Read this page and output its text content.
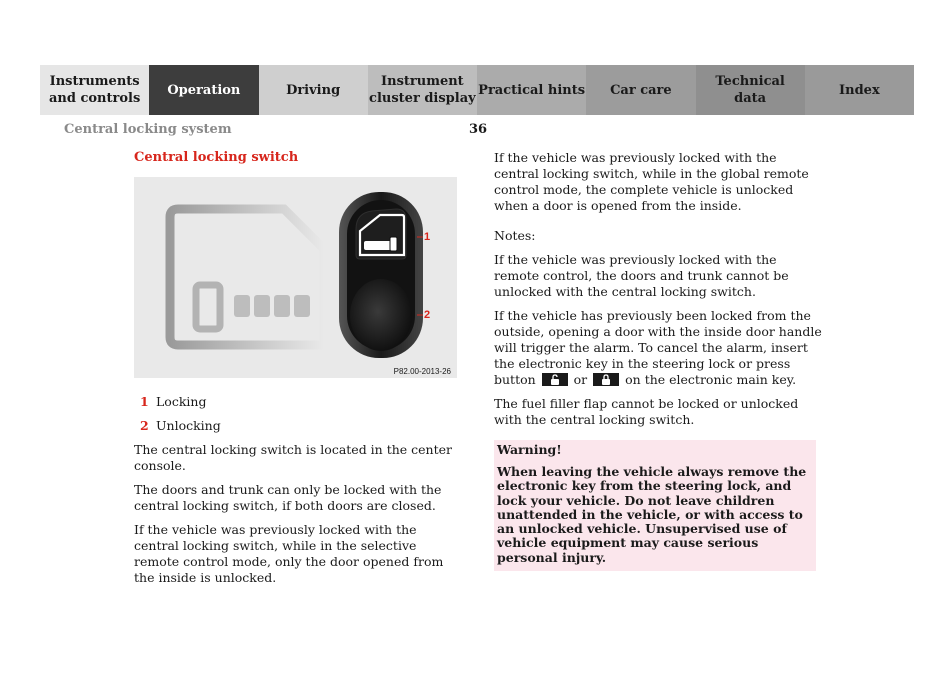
Instruments
and controls
Operation	Driving
Instrument
cluster display
Practical hints	Car care
Technical
data
Index
Central locking system	36
Central locking switch
1
2
P82.00-2013-26
1 Locking
2 Unlocking

The central locking switch is located in the center console.

The doors and trunk can only be locked with the central locking switch, if both doors are closed.

If the vehicle was previously locked with the central locking switch, while in the selective remote control mode, only the door opened from the inside is unlocked.

If the vehicle was previously locked with the central locking switch, while in the global remote control mode, the complete vehicle is unlocked when a door is opened from the inside.

Notes:

If the vehicle was previously locked with the remote control, the doors and trunk cannot be unlocked with the central locking switch.

If the vehicle has previously been locked from the outside, opening a door with the inside door handle will trigger the alarm. To cancel the alarm, insert the electronic key in the steering lock or press button	or	on the electronic main key.

The fuel filler flap cannot be locked or unlocked with the central locking switch.

Warning!

When leaving the vehicle always remove the electronic key from the steering lock, and lock your vehicle. Do not leave children unattended in the vehicle, or with access to an unlocked vehicle. Unsupervised use of vehicle equipment may cause serious personal injury.
